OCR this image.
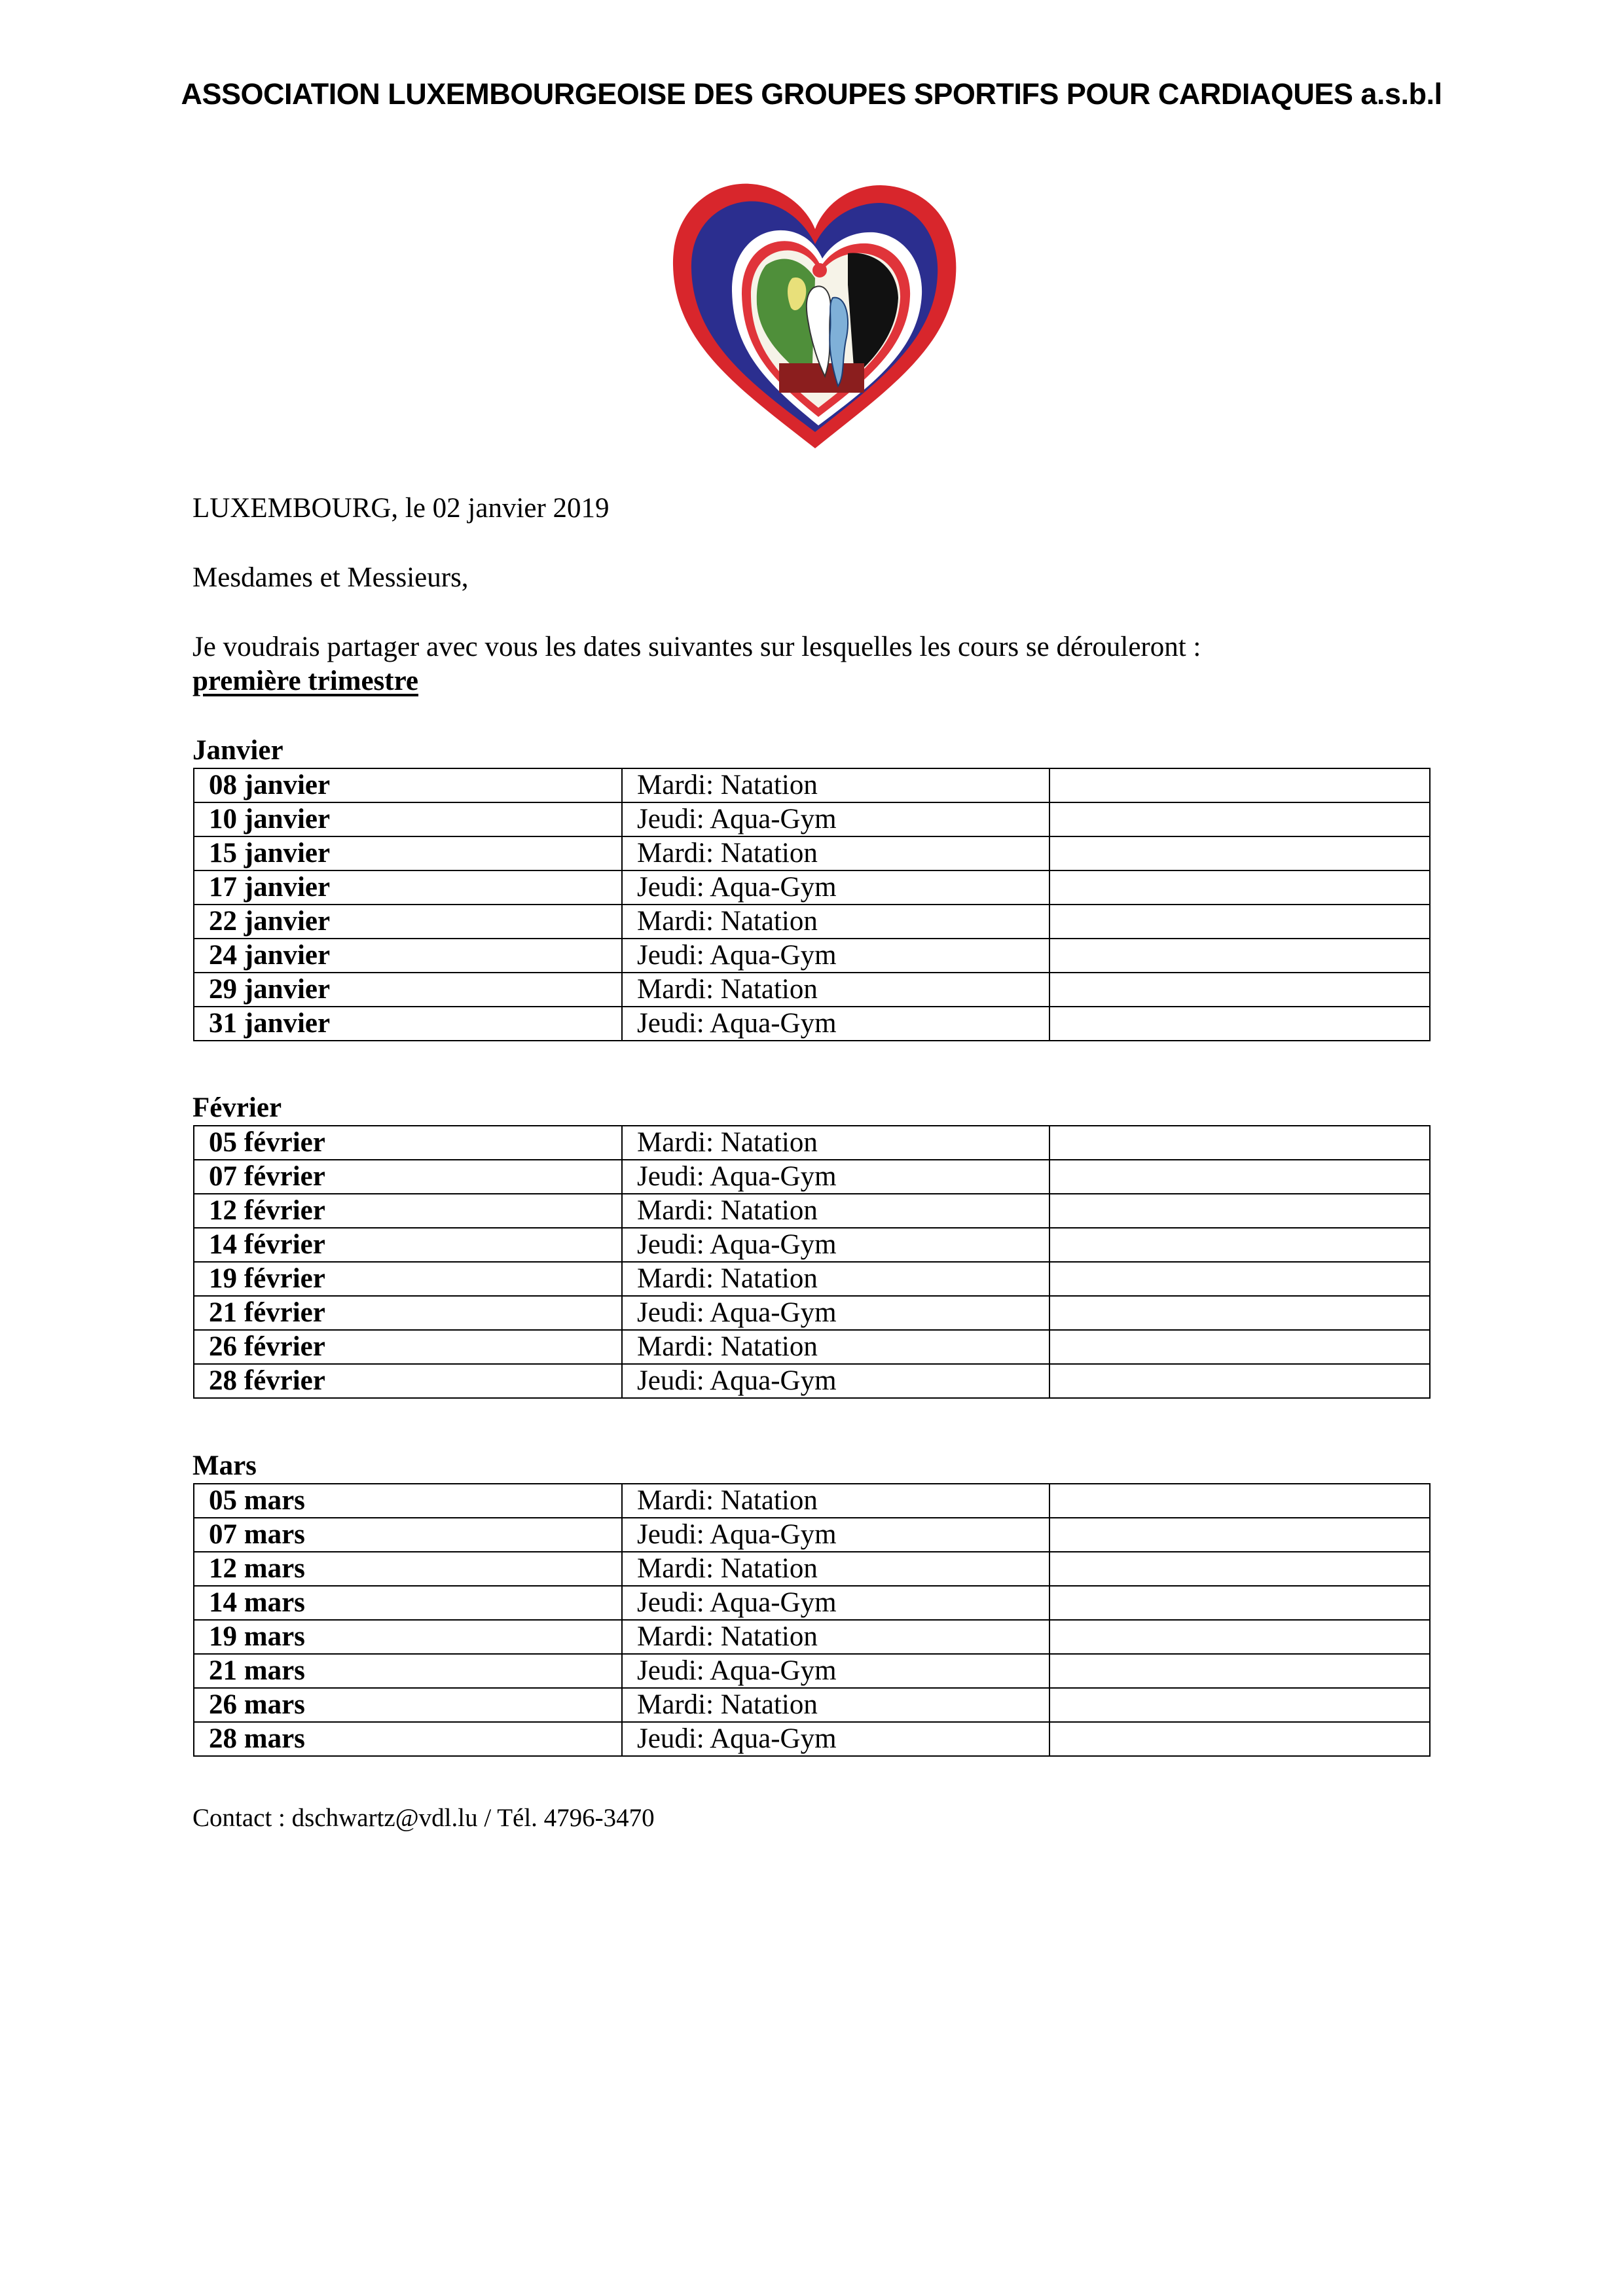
ASSOCIATION LUXEMBOURGEOISE DES GROUPES SPORTIFS POUR CARDIAQUES a.s.b.l
LUXEMBOURG, le 02 janvier 2019
Mesdames et Messieurs,
Je voudrais partager avec vous les dates suivantes sur lesquelles les cours se dérouleront :
première trimestre
Janvier
08 janvier	Mardi: Natation	
10 janvier	Jeudi: Aqua-Gym	
15 janvier	Mardi: Natation	
17 janvier	Jeudi: Aqua-Gym	
22 janvier	Mardi: Natation	
24 janvier	Jeudi: Aqua-Gym	
29 janvier	Mardi: Natation	
31 janvier	Jeudi: Aqua-Gym	
Février
05 février	Mardi: Natation	
07 février	Jeudi: Aqua-Gym	
12 février	Mardi: Natation	
14 février	Jeudi: Aqua-Gym	
19 février	Mardi: Natation	
21 février	Jeudi: Aqua-Gym	
26 février	Mardi: Natation	
28 février	Jeudi: Aqua-Gym	
Mars
05 mars	Mardi: Natation	
07 mars	Jeudi: Aqua-Gym	
12 mars	Mardi: Natation	
14 mars	Jeudi: Aqua-Gym	
19 mars	Mardi: Natation	
21 mars	Jeudi: Aqua-Gym	
26 mars	Mardi: Natation	
28 mars	Jeudi: Aqua-Gym	
Contact : dschwartz@vdl.lu / Tél. 4796-3470
